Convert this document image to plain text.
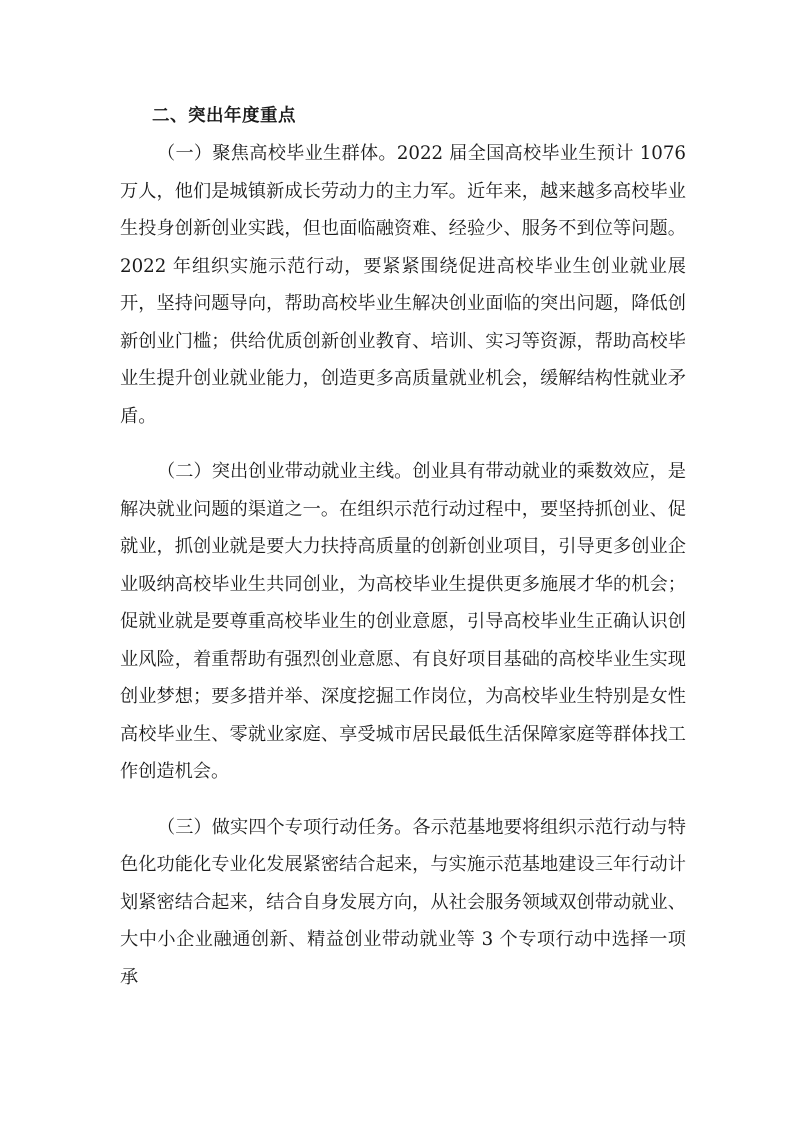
二、突出年度重点

（一）聚焦高校毕业生群体。2022 届全国高校毕业生预计 1076 万人，他们是城镇新成长劳动力的主力军。近年来，越来越多高校毕业生投身创新创业实践，但也面临融资难、经验少、服务不到位等问题。2022 年组织实施示范行动，要紧紧围绕促进高校毕业生创业就业展开，坚持问题导向，帮助高校毕业生解决创业面临的突出问题，降低创新创业门槛；供给优质创新创业教育、培训、实习等资源，帮助高校毕业生提升创业就业能力，创造更多高质量就业机会，缓解结构性就业矛盾。

（二）突出创业带动就业主线。创业具有带动就业的乘数效应，是解决就业问题的渠道之一。在组织示范行动过程中，要坚持抓创业、促就业，抓创业就是要大力扶持高质量的创新创业项目，引导更多创业企业吸纳高校毕业生共同创业，为高校毕业生提供更多施展才华的机会；促就业就是要尊重高校毕业生的创业意愿，引导高校毕业生正确认识创业风险，着重帮助有强烈创业意愿、有良好项目基础的高校毕业生实现创业梦想；要多措并举、深度挖掘工作岗位，为高校毕业生特别是女性高校毕业生、零就业家庭、享受城市居民最低生活保障家庭等群体找工作创造机会。

（三）做实四个专项行动任务。各示范基地要将组织示范行动与特色化功能化专业化发展紧密结合起来，与实施示范基地建设三年行动计划紧密结合起来，结合自身发展方向，从社会服务领域双创带动就业、大中小企业融通创新、精益创业带动就业等 3 个专项行动中选择一项承
